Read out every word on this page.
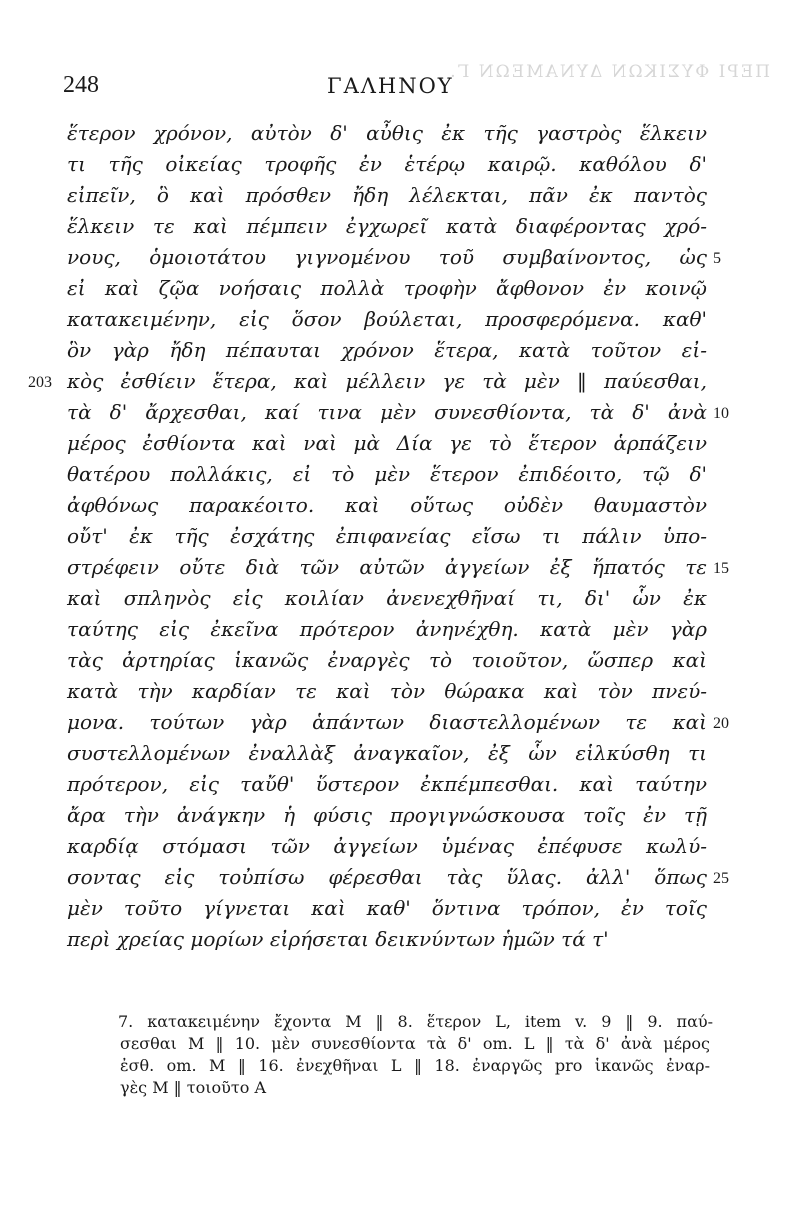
ΠΕΡΙ ΦΥΣΙΚΩΝ ΔΥΝΑΜΕΩΝ Γ.
248	ΓΑΛΗΝΟΥ
ἕτερον χρόνον, αὐτὸν δ' αὖθις ἐκ τῆς γαστρὸς ἕλκειν
τι τῆς οἰκείας τροφῆς ἐν ἑτέρῳ καιρῷ. καθόλου δ'
εἰπεῖν, ὃ καὶ πρόσθεν ἤδη λέλεκται, πᾶν ἐκ παντὸς
ἕλκειν τε καὶ πέμπειν ἐγχωρεῖ κατὰ διαφέροντας χρό-
νους, ὁμοιοτάτου γιγνομένου τοῦ συμβαίνοντος, ὡς
εἰ καὶ ζῷα νοήσαις πολλὰ τροφὴν ἄφθονον ἐν κοινῷ
κατακειμένην, εἰς ὅσον βούλεται, προσφερόμενα. καθ'
ὃν γὰρ ἤδη πέπαυται χρόνον ἕτερα, κατὰ τοῦτον εἰ-
κὸς ἐσθίειν ἕτερα, καὶ μέλλειν γε τὰ μὲν ‖ παύεσθαι,
τὰ δ' ἄρχεσθαι, καί τινα μὲν συνεσθίοντα, τὰ δ' ἀνὰ
μέρος ἐσθίοντα καὶ ναὶ μὰ Δία γε τὸ ἕτερον ἁρπάζειν
θατέρου πολλάκις, εἰ τὸ μὲν ἕτερον ἐπιδέοιτο, τῷ δ'
ἀφθόνως παρακέοιτο. καὶ οὕτως οὐδὲν θαυμαστὸν
οὔτ' ἐκ τῆς ἐσχάτης ἐπιφανείας εἴσω τι πάλιν ὑπο-
στρέφειν οὔτε διὰ τῶν αὐτῶν ἀγγείων ἐξ ἥπατός τε
καὶ σπληνὸς εἰς κοιλίαν ἀνενεχθῆναί τι, δι' ὧν ἐκ
ταύτης εἰς ἐκεῖνα πρότερον ἀνηνέχθη. κατὰ μὲν γὰρ
τὰς ἀρτηρίας ἱκανῶς ἐναργὲς τὸ τοιοῦτον, ὥσπερ καὶ
κατὰ τὴν καρδίαν τε καὶ τὸν θώρακα καὶ τὸν πνεύ-
μονα. τούτων γὰρ ἁπάντων διαστελλομένων τε καὶ
συστελλομένων ἐναλλὰξ ἀναγκαῖον, ἐξ ὧν εἱλκύσθη τι
πρότερον, εἰς ταὔθ' ὕστερον ἐκπέμπεσθαι. καὶ ταύτην
ἄρα τὴν ἀνάγκην ἡ φύσις προγιγνώσκουσα τοῖς ἐν τῇ
καρδίᾳ στόμασι τῶν ἀγγείων ὑμένας ἐπέφυσε κωλύ-
σοντας εἰς τοὐπίσω φέρεσθαι τὰς ὕλας. ἀλλ' ὅπως
μὲν τοῦτο γίγνεται καὶ καθ' ὅντινα τρόπον, ἐν τοῖς
περὶ χρείας μορίων εἰρήσεται δεικνύντων ἡμῶν τά τ'
5
10
15
20
25
203
7. κατακειμένην ἔχοντα M ‖ 8. ἕτερον L, item v. 9 ‖ 9. παύ-
σεσθαι M ‖ 10. μὲν συνεσθίοντα τὰ δ' om. L ‖ τὰ δ' ἀνὰ μέρος
ἐσθ. om. M ‖ 16. ἐνεχθῆναι L ‖ 18. ἐναργῶς pro ἱκανῶς ἐναρ-
γὲς M ‖ τοιοῦτο A
